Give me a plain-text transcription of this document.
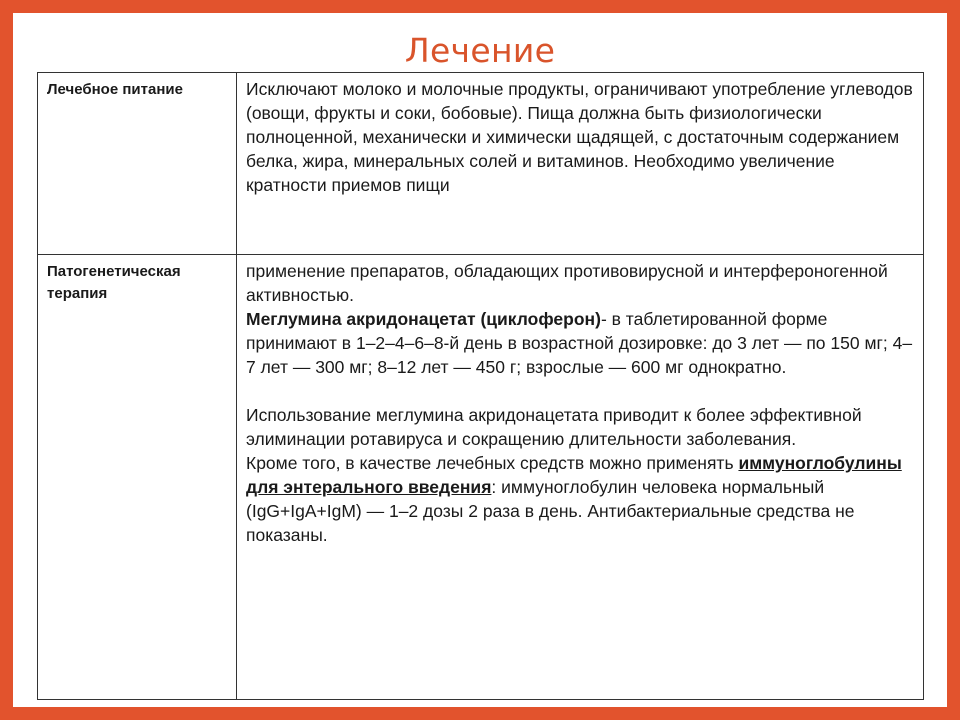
Лечение
Лечебное питание	Исключают молоко и молочные продукты, ограничивают употребление углеводов (овощи, фрукты и соки, бобовые). Пища должна быть физиологически полноценной, механически и химически щадящей, с достаточным содержанием белка, жира, минеральных солей и витаминов. Необходимо увеличение кратности приемов пищи

Патогенетическая терапия	применение препаратов, обладающих противовирусной и интерфероногенной активностью.

Меглумина акридонацетат (циклоферон)- в таблетированной форме принимают в 1–2–4–6–8-й день в возрастной дозировке: до 3 лет — по 150 мг; 4–7 лет — 300 мг; 8–12 лет — 450 г; взрослые — 600 мг однократно.

Использование меглумина акридонацетата приводит к более эффективной элиминации ротавируса и сокращению длительности заболевания.

Кроме того, в качестве лечебных средств можно применять иммуноглобулины для энтерального введения: иммуноглобулин человека нормальный (IgG+IgA+IgM) — 1–2 дозы 2 раза в день. Антибактериальные средства не показаны.
